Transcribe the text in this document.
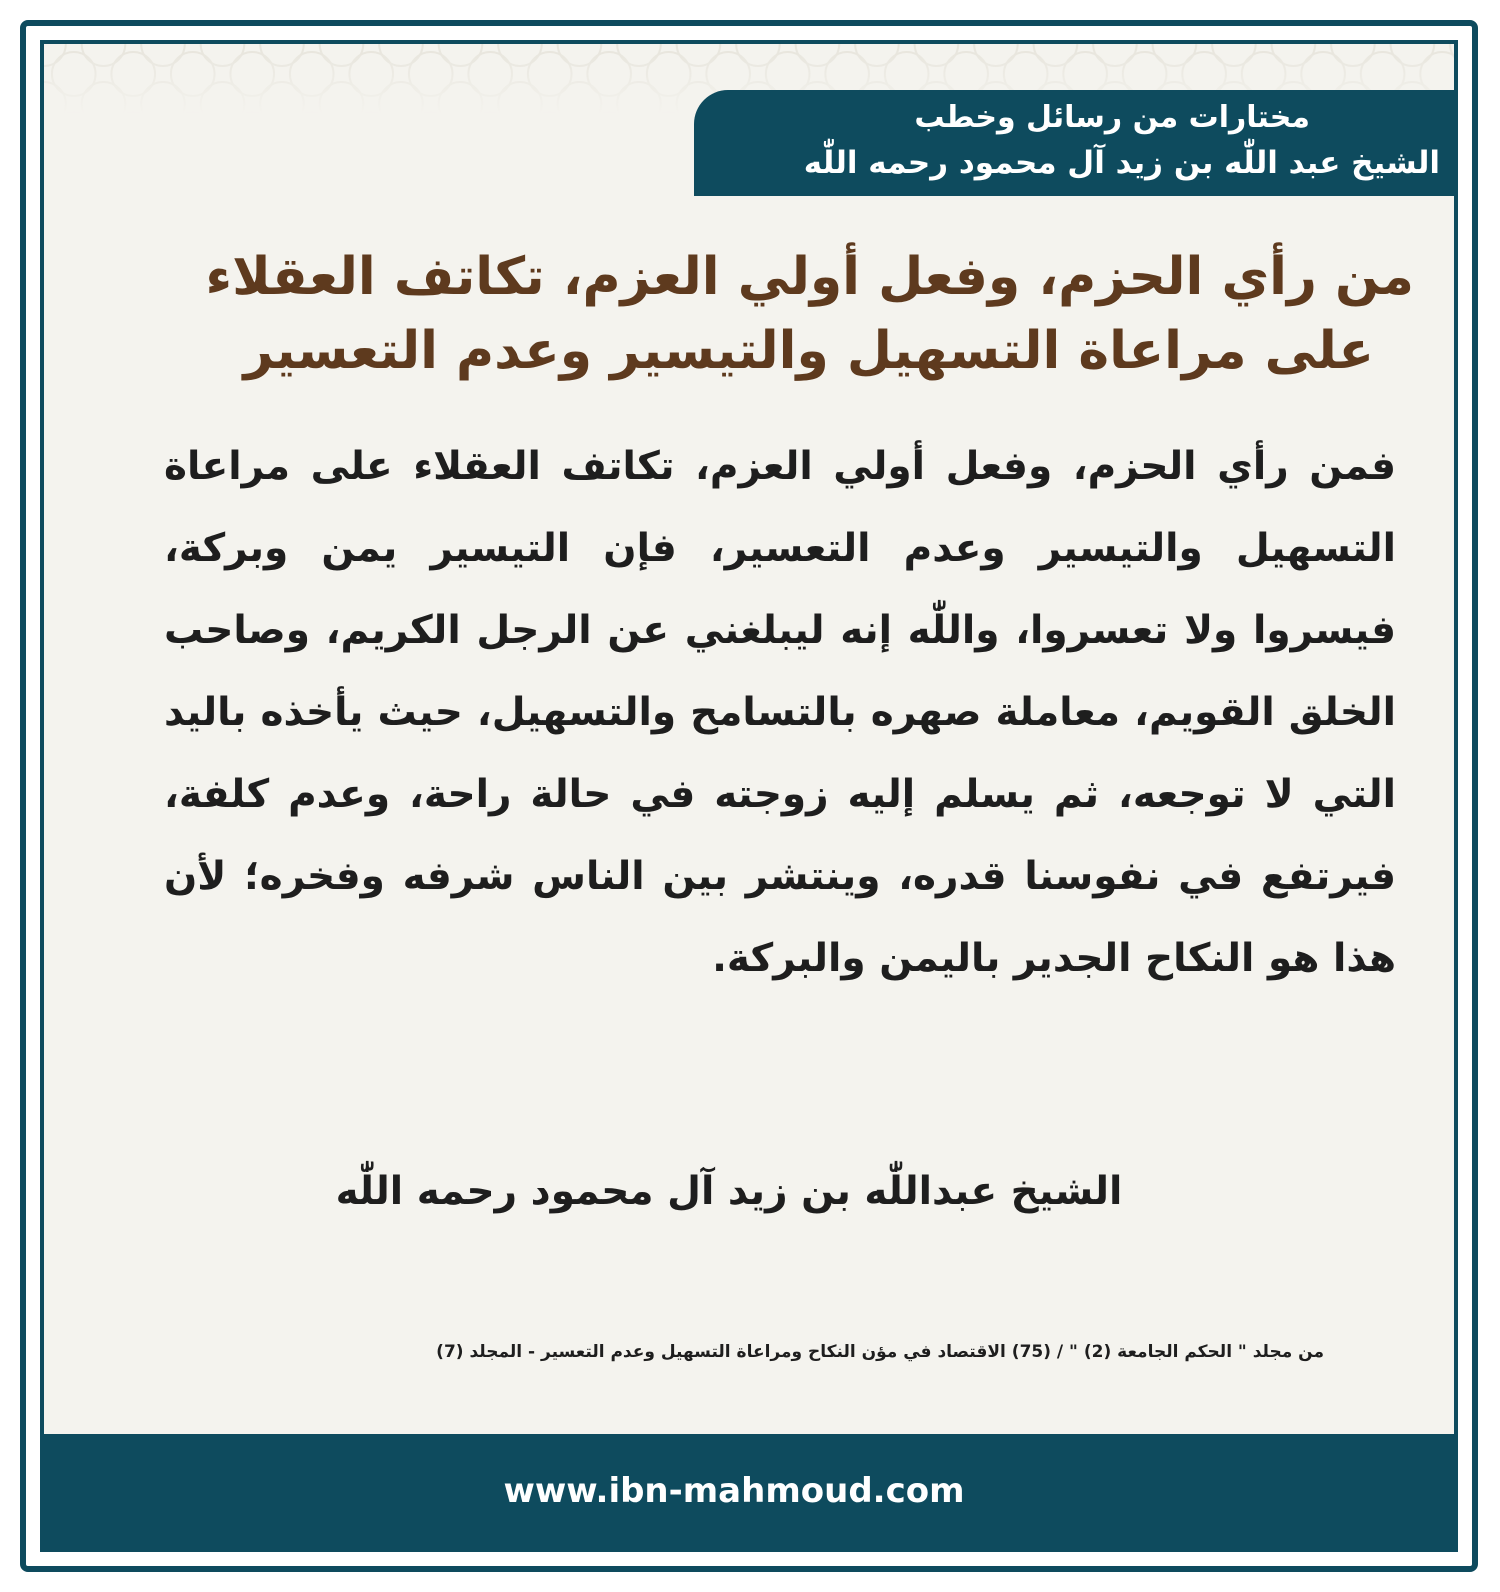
مختارات من رسائل وخطب
الشيخ عبد اللّٰه بن زيد آل محمود رحمه اللّٰه
من رأي الحزم، وفعل أولي العزم، تكاتف العقلاء
على مراعاة التسهيل والتيسير وعدم التعسير
فمن رأي الحزم، وفعل أولي العزم، تكاتف العقلاء على مراعاة التسهيل والتيسير وعدم التعسير، فإن التيسير يمن وبركة، فيسروا ولا تعسروا، واللّٰه إنه ليبلغني عن الرجل الكريم، وصاحب الخلق القويم، معاملة صهره بالتسامح والتسهيل، حيث يأخذه باليد التي لا توجعه، ثم يسلم إليه زوجته في حالة راحة، وعدم كلفة، فيرتفع في نفوسنا قدره، وينتشر بين الناس شرفه وفخره؛ لأن هذا هو النكاح الجدير باليمن والبركة.
الشيخ عبداللّٰه بن زيد آل محمود رحمه اللّٰه
من مجلد " الحكم الجامعة (2) " / (75) الاقتصاد في مؤن النكاح ومراعاة التسهيل وعدم التعسير - المجلد (7)
www.ibn-mahmoud.com
